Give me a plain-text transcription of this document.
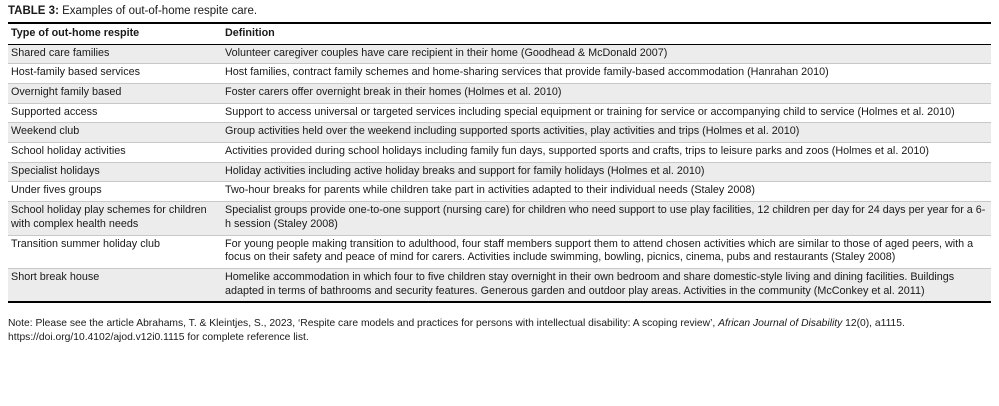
TABLE 3: Examples of out-of-home respite care.
Type of out-home respite	Definition
Shared care families	Volunteer caregiver couples have care recipient in their home (Goodhead & McDonald 2007)
Host-family based services	Host families, contract family schemes and home-sharing services that provide family-based accommodation (Hanrahan 2010)
Overnight family based	Foster carers offer overnight break in their homes (Holmes et al. 2010)
Supported access	Support to access universal or targeted services including special equipment or training for service or accompanying child to service (Holmes et al. 2010)
Weekend club	Group activities held over the weekend including supported sports activities, play activities and trips (Holmes et al. 2010)
School holiday activities	Activities provided during school holidays including family fun days, supported sports and crafts, trips to leisure parks and zoos (Holmes et al. 2010)
Specialist holidays	Holiday activities including active holiday breaks and support for family holidays (Holmes et al. 2010)
Under fives groups	Two-hour breaks for parents while children take part in activities adapted to their individual needs (Staley 2008)
School holiday play schemes for children with complex health needs	Specialist groups provide one-to-one support (nursing care) for children who need support to use play facilities, 12 children per day for 24 days per year for a 6-h session (Staley 2008)
Transition summer holiday club	For young people making transition to adulthood, four staff members support them to attend chosen activities which are similar to those of aged peers, with a focus on their safety and peace of mind for carers. Activities include swimming, bowling, picnics, cinema, pubs and restaurants (Staley 2008)
Short break house	Homelike accommodation in which four to five children stay overnight in their own bedroom and share domestic-style living and dining facilities. Buildings adapted in terms of bathrooms and security features. Generous garden and outdoor play areas. Activities in the community (McConkey et al. 2011)
Note: Please see the article Abrahams, T. & Kleintjes, S., 2023, ‘Respite care models and practices for persons with intellectual disability: A scoping review’, African Journal of Disability 12(0), a1115. https://doi.org/10.4102/ajod.v12i0.1115 for complete reference list.
